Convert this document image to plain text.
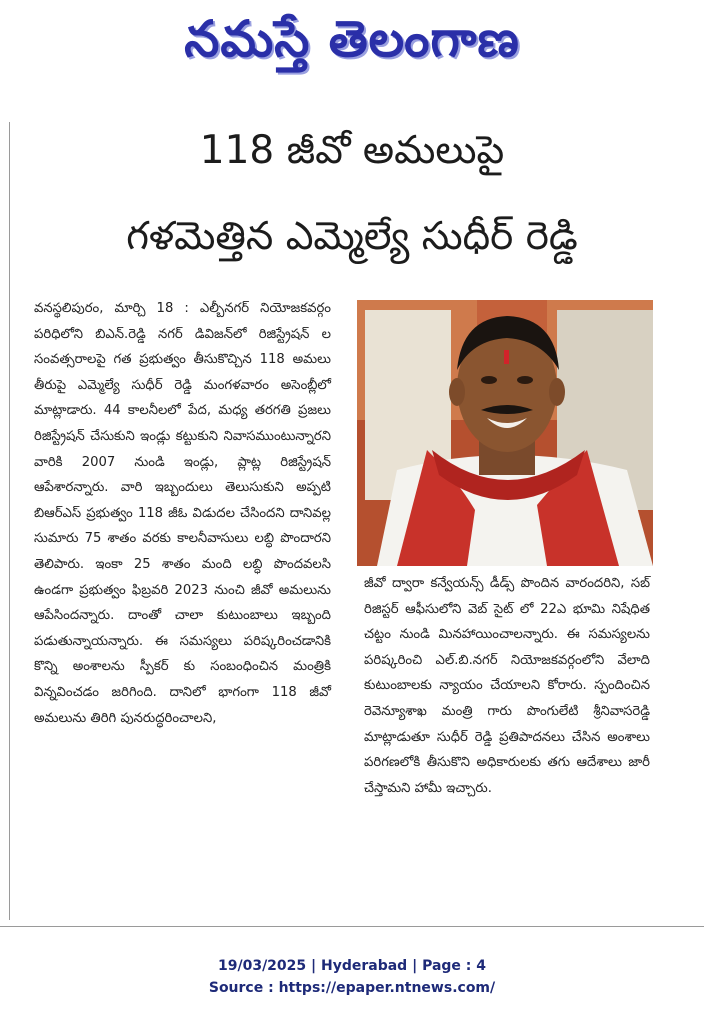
నమస్తే తెలంగాణ
118 జీవో అమలుపై
గళమెత్తిన ఎమ్మెల్యే సుధీర్ రెడ్డి

వనస్థలిపురం, మార్చి 18 : ఎల్బీనగర్ నియోజకవర్గం పరిధిలోని బిఎన్.రెడ్డి నగర్ డివిజన్‌లో రిజిస్ట్రేషన్ ల సంవత్సరాలపై గత ప్రభుత్వం తీసుకొచ్చిన 118 అమలు తీరుపై ఎమ్మెల్యే సుధీర్ రెడ్డి మంగళవారం అసెంబ్లీలో మాట్లాడారు. 44 కాలనీలలో పేద, మధ్య తరగతి ప్రజలు రిజిస్ట్రేషన్ చేసుకుని ఇండ్లు కట్టుకుని నివాసముంటున్నారని వారికి 2007 నుండి ఇండ్లు, ప్లాట్ల రిజిస్ట్రేషన్ ఆపేశారన్నారు. వారి ఇబ్బందులు తెలుసుకుని అప్పటి బిఆర్ఎస్ ప్రభుత్వం 118 జీఓ విడుదల చేసిందని దానివల్ల సుమారు 75 శాతం వరకు కాలనీవాసులు లబ్ధి పొందారని తెలిపారు. ఇంకా 25 శాతం మంది లబ్ధి పొందవలసి ఉండగా ప్రభుత్వం ఫిబ్రవరి 2023 నుంచి జీవో అమలును ఆపేసిందన్నారు. దాంతో చాలా కుటుంబాలు ఇబ్బంది పడుతున్నాయన్నారు. ఈ సమస్యలు పరిష్కరించడానికి కొన్ని అంశాలను స్పీకర్ కు సంబంధించిన మంత్రికి విన్నవించడం జరిగింది. దానిలో భాగంగా 118 జీవో అమలును తిరిగి పునరుద్ధరించాలని,

జీవో ద్వారా కన్వేయన్స్ డీడ్స్ పొందిన వారందరిని, సబ్ రిజిస్టర్ ఆఫీసులోని వెబ్ సైట్ లో 22ఎ భూమి నిషేధిత చట్టం నుండి మినహాయించాలన్నారు. ఈ సమస్యలను పరిష్కరించి ఎల్.బి.నగర్ నియోజకవర్గంలోని వేలాది కుటుంబాలకు న్యాయం చేయాలని కోరారు. స్పందించిన రెవెన్యూశాఖ మంత్రి గారు పొంగులేటి శ్రీనివాసరెడ్డి మాట్లాడుతూ సుధీర్ రెడ్డి ప్రతిపాదనలు చేసిన అంశాలు పరిగణలోకి తీసుకొని అధికారులకు తగు ఆదేశాలు జారీ చేస్తామని హామీ ఇచ్చారు.

19/03/2025 | Hyderabad | Page : 4
Source : https://epaper.ntnews.com/
